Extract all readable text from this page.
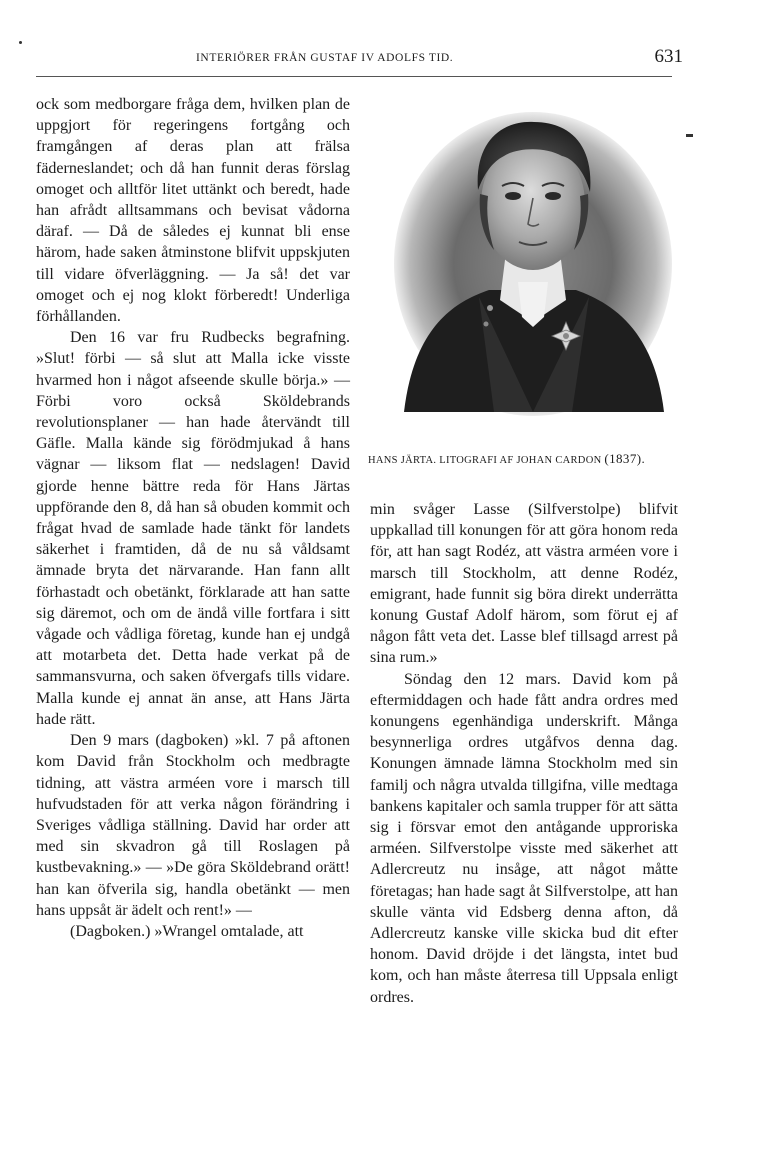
INTERIÖRER FRÅN GUSTAF IV ADOLFS TID.	631

ock som medborgare fråga dem, hvilken plan de uppgjort för regeringens fortgång och framgången af deras plan att frälsa fäderneslandet; och då han funnit deras förslag omoget och alltför litet uttänkt och beredt, hade han afrådt alltsammans och bevisat vådorna däraf. — Då de således ej kunnat bli ense härom, hade saken åtminstone blifvit uppskjuten till vidare öfverläggning. — Ja så! det var omoget och ej nog klokt förberedt! Underliga förhållanden.

Den 16 var fru Rudbecks begrafning. »Slut! förbi — så slut att Malla icke visste hvarmed hon i något afseende skulle börja.» — Förbi voro också Sköldebrands revolutionsplaner — han hade återvändt till Gäfle. Malla kände sig förödmjukad å hans vägnar — liksom flat — nedslagen! David gjorde henne bättre reda för Hans Järtas uppförande den 8, då han så obuden kommit och frågat hvad de samlade hade tänkt för landets säkerhet i framtiden, då de nu så våldsamt ämnade bryta det närvarande. Han fann allt förhastadt och obetänkt, förklarade att han satte sig däremot, och om de ändå ville fortfara i sitt vågade och vådliga företag, kunde han ej undgå att motarbeta det. Detta hade verkat på de sammansvurna, och saken öfvergafs tills vidare. Malla kunde ej annat än anse, att Hans Järta hade rätt.

Den 9 mars (dagboken) »kl. 7 på aftonen kom David från Stockholm och medbragte tidning, att västra arméen vore i marsch till hufvudstaden för att verka någon förändring i Sveriges vådliga ställning. David har order att med sin skvadron gå till Roslagen på kustbevakning.» — »De göra Sköldebrand orätt! han kan öfverila sig, handla obetänkt — men hans uppsåt är ädelt och rent!» —

(Dagboken.) »Wrangel omtalade, att

HANS JÄRTA. LITOGRAFI AF JOHAN CARDON (1837).

min svåger Lasse (Silfverstolpe) blifvit uppkallad till konungen för att göra honom reda för, att han sagt Rodéz, att västra arméen vore i marsch till Stockholm, att denne Rodéz, emigrant, hade funnit sig böra direkt underrätta konung Gustaf Adolf härom, som förut ej af någon fått veta det. Lasse blef tillsagd arrest på sina rum.»

Söndag den 12 mars. David kom på eftermiddagen och hade fått andra ordres med konungens egenhändiga underskrift. Många besynnerliga ordres utgåfvos denna dag. Konungen ämnade lämna Stockholm med sin familj och några utvalda tillgifna, ville medtaga bankens kapitaler och samla trupper för att sätta sig i försvar emot den antågande upproriska arméen. Silfverstolpe visste med säkerhet att Adlercreutz nu insåge, att något måtte företagas; han hade sagt åt Silfverstolpe, att han skulle vänta vid Edsberg denna afton, då Adlercreutz kanske ville skicka bud dit efter honom. David dröjde i det längsta, intet bud kom, och han måste återresa till Uppsala enligt ordres.
